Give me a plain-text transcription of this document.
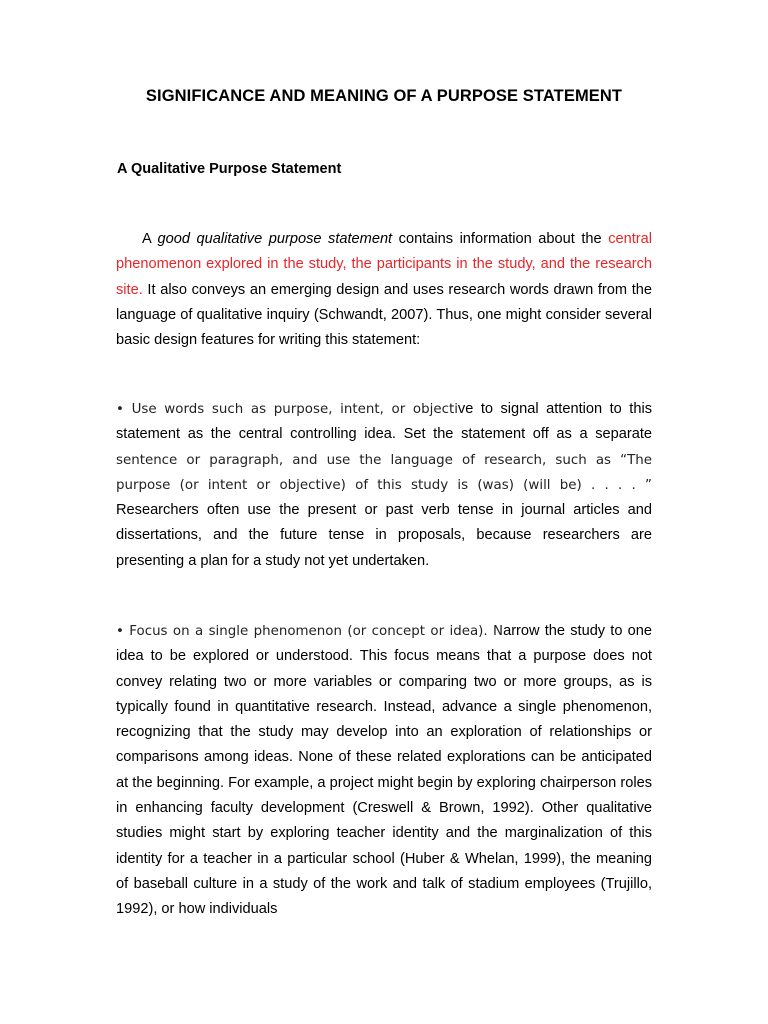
SIGNIFICANCE AND MEANING OF A PURPOSE STATEMENT
A Qualitative Purpose Statement
A good qualitative purpose statement contains information about the central phenomenon explored in the study, the participants in the study, and the research site. It also conveys an emerging design and uses research words drawn from the language of qualitative inquiry (Schwandt, 2007). Thus, one might consider several basic design features for writing this statement:
• Use words such as purpose, intent, or objective to signal attention to this statement as the central controlling idea. Set the statement off as a separate sentence or paragraph, and use the language of research, such as “The purpose (or intent or objective) of this study is (was) (will be) . . . . ” Researchers often use the present or past verb tense in journal articles and dissertations, and the future tense in proposals, because researchers are presenting a plan for a study not yet undertaken.
• Focus on a single phenomenon (or concept or idea). Narrow the study to one idea to be explored or understood. This focus means that a purpose does not convey relating two or more variables or comparing two or more groups, as is typically found in quantitative research. Instead, advance a single phenomenon, recognizing that the study may develop into an exploration of relationships or comparisons among ideas. None of these related explorations can be anticipated at the beginning. For example, a project might begin by exploring chairperson roles in enhancing faculty development (Creswell & Brown, 1992). Other qualitative studies might start by exploring teacher identity and the marginalization of this identity for a teacher in a particular school (Huber & Whelan, 1999), the meaning of baseball culture in a study of the work and talk of stadium employees (Trujillo, 1992), or how individuals
